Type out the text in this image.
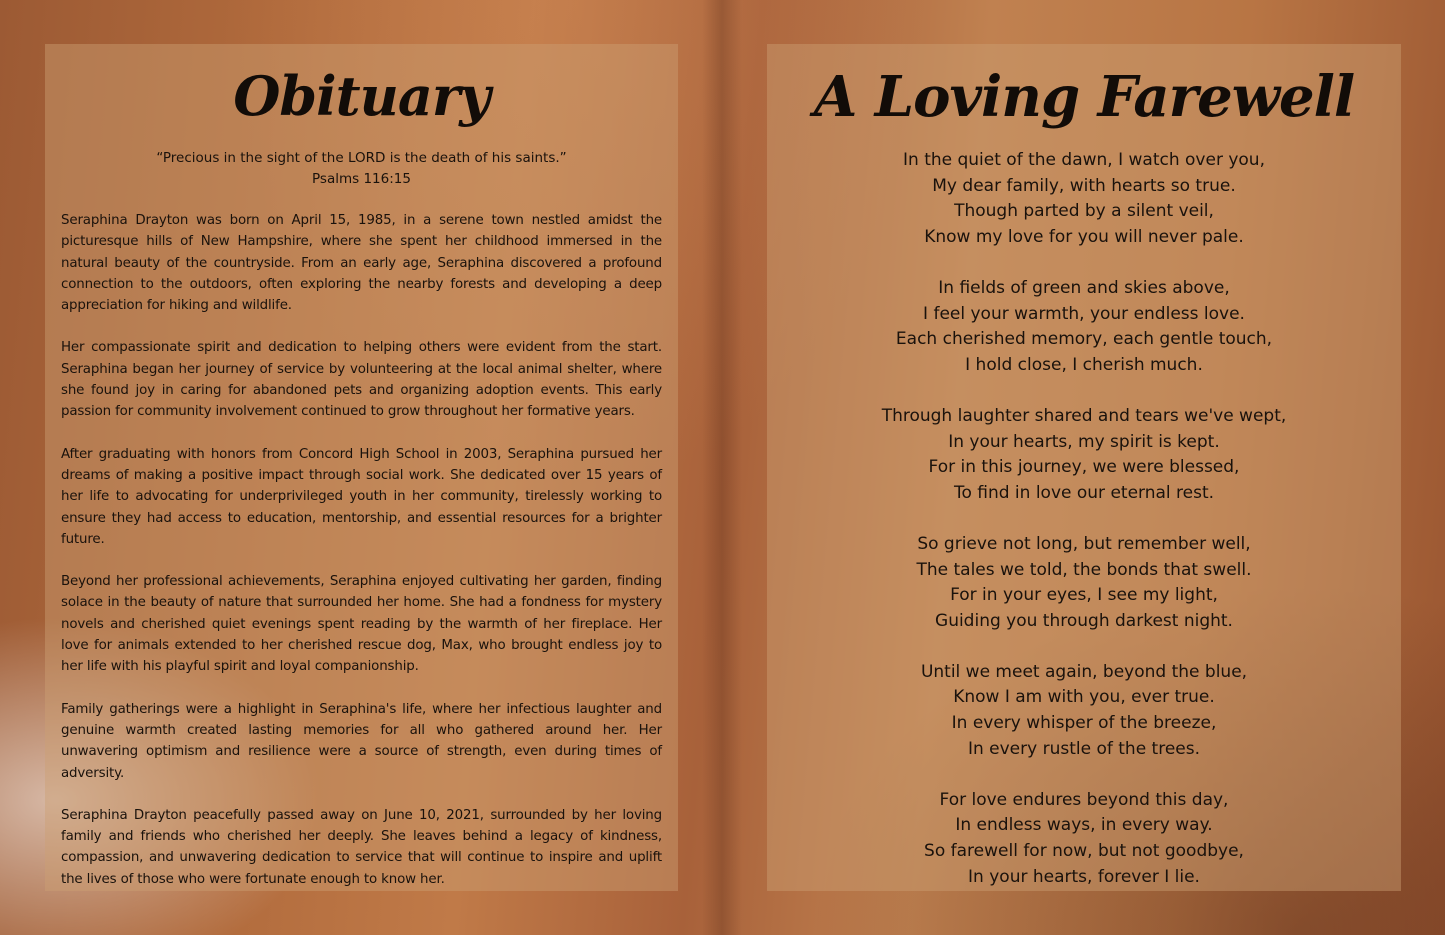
Obituary
“Precious in the sight of the LORD is the death of his saints.”
Psalms 116:15

Seraphina Drayton was born on April 15, 1985, in a serene town nestled amidst the picturesque hills of New Hampshire, where she spent her childhood immersed in the natural beauty of the countryside. From an early age, Seraphina discovered a profound connection to the outdoors, often exploring the nearby forests and developing a deep appreciation for hiking and wildlife.

Her compassionate spirit and dedication to helping others were evident from the start. Seraphina began her journey of service by volunteering at the local animal shelter, where she found joy in caring for abandoned pets and organizing adoption events. This early passion for community involvement continued to grow throughout her formative years.

After graduating with honors from Concord High School in 2003, Seraphina pursued her dreams of making a positive impact through social work. She dedicated over 15 years of her life to advocating for underprivileged youth in her community, tirelessly working to ensure they had access to education, mentorship, and essential resources for a brighter future.

Beyond her professional achievements, Seraphina enjoyed cultivating her garden, finding solace in the beauty of nature that surrounded her home. She had a fondness for mystery novels and cherished quiet evenings spent reading by the warmth of her fireplace. Her love for animals extended to her cherished rescue dog, Max, who brought endless joy to her life with his playful spirit and loyal companionship.

Family gatherings were a highlight in Seraphina's life, where her infectious laughter and genuine warmth created lasting memories for all who gathered around her. Her unwavering optimism and resilience were a source of strength, even during times of adversity.

Seraphina Drayton peacefully passed away on June 10, 2021, surrounded by her loving family and friends who cherished her deeply. She leaves behind a legacy of kindness, compassion, and unwavering dedication to service that will continue to inspire and uplift the lives of those who were fortunate enough to know her.

A Loving Farewell

In the quiet of the dawn, I watch over you,
My dear family, with hearts so true.
Though parted by a silent veil,
Know my love for you will never pale.

In fields of green and skies above,
I feel your warmth, your endless love.
Each cherished memory, each gentle touch,
I hold close, I cherish much.

Through laughter shared and tears we've wept,
In your hearts, my spirit is kept.
For in this journey, we were blessed,
To find in love our eternal rest.

So grieve not long, but remember well,
The tales we told, the bonds that swell.
For in your eyes, I see my light,
Guiding you through darkest night.

Until we meet again, beyond the blue,
Know I am with you, ever true.
In every whisper of the breeze,
In every rustle of the trees.

For love endures beyond this day,
In endless ways, in every way.
So farewell for now, but not goodbye,
In your hearts, forever I lie.
